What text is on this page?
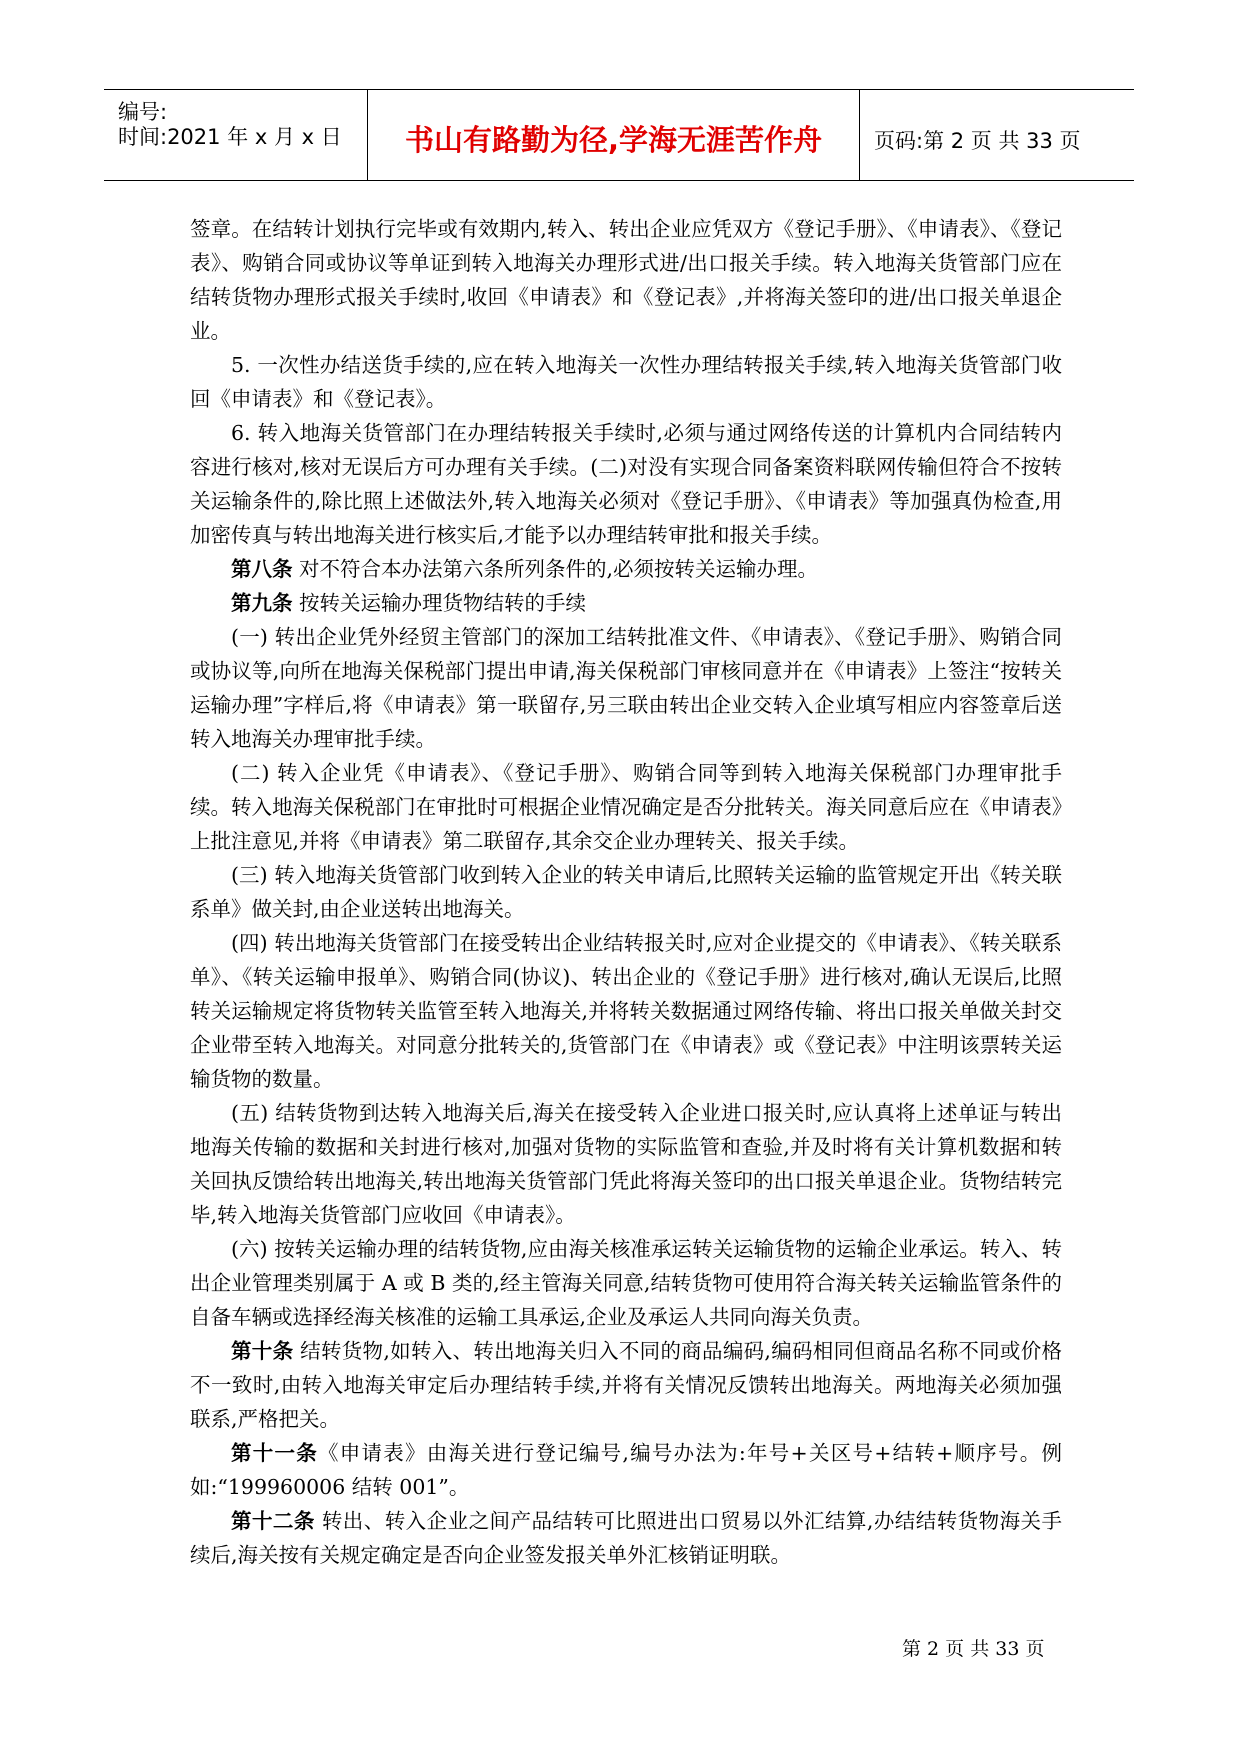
编号:
时间:2021 年 x 月 x 日	书山有路勤为径,学海无涯苦作舟	页码:第 2 页 共 33 页

签章。在结转计划执行完毕或有效期内,转入、转出企业应凭双方《登记手册》、《申请表》、《登记表》、购销合同或协议等单证到转入地海关办理形式进/出口报关手续。转入地海关货管部门应在结转货物办理形式报关手续时,收回《申请表》和《登记表》,并将海关签印的进/出口报关单退企业。

5. 一次性办结送货手续的,应在转入地海关一次性办理结转报关手续,转入地海关货管部门收回《申请表》和《登记表》。

6. 转入地海关货管部门在办理结转报关手续时,必须与通过网络传送的计算机内合同结转内容进行核对,核对无误后方可办理有关手续。(二)对没有实现合同备案资料联网传输但符合不按转关运输条件的,除比照上述做法外,转入地海关必须对《登记手册》、《申请表》等加强真伪检查,用加密传真与转出地海关进行核实后,才能予以办理结转审批和报关手续。

第八条 对不符合本办法第六条所列条件的,必须按转关运输办理。

第九条 按转关运输办理货物结转的手续

(一) 转出企业凭外经贸主管部门的深加工结转批准文件、《申请表》、《登记手册》、购销合同或协议等,向所在地海关保税部门提出申请,海关保税部门审核同意并在《申请表》上签注“按转关运输办理”字样后,将《申请表》第一联留存,另三联由转出企业交转入企业填写相应内容签章后送转入地海关办理审批手续。

(二) 转入企业凭《申请表》、《登记手册》、购销合同等到转入地海关保税部门办理审批手续。转入地海关保税部门在审批时可根据企业情况确定是否分批转关。海关同意后应在《申请表》上批注意见,并将《申请表》第二联留存,其余交企业办理转关、报关手续。

(三) 转入地海关货管部门收到转入企业的转关申请后,比照转关运输的监管规定开出《转关联系单》做关封,由企业送转出地海关。

(四) 转出地海关货管部门在接受转出企业结转报关时,应对企业提交的《申请表》、《转关联系单》、《转关运输申报单》、购销合同(协议)、转出企业的《登记手册》进行核对,确认无误后,比照转关运输规定将货物转关监管至转入地海关,并将转关数据通过网络传输、将出口报关单做关封交企业带至转入地海关。对同意分批转关的,货管部门在《申请表》或《登记表》中注明该票转关运输货物的数量。

(五) 结转货物到达转入地海关后,海关在接受转入企业进口报关时,应认真将上述单证与转出地海关传输的数据和关封进行核对,加强对货物的实际监管和查验,并及时将有关计算机数据和转关回执反馈给转出地海关,转出地海关货管部门凭此将海关签印的出口报关单退企业。货物结转完毕,转入地海关货管部门应收回《申请表》。

(六) 按转关运输办理的结转货物,应由海关核准承运转关运输货物的运输企业承运。转入、转出企业管理类别属于 A 或 B 类的,经主管海关同意,结转货物可使用符合海关转关运输监管条件的自备车辆或选择经海关核准的运输工具承运,企业及承运人共同向海关负责。

第十条 结转货物,如转入、转出地海关归入不同的商品编码,编码相同但商品名称不同或价格不一致时,由转入地海关审定后办理结转手续,并将有关情况反馈转出地海关。两地海关必须加强联系,严格把关。

第十一条《申请表》由海关进行登记编号,编号办法为:年号+关区号+结转+顺序号。例如:“199960006 结转 001”。

第十二条 转出、转入企业之间产品结转可比照进出口贸易以外汇结算,办结结转货物海关手续后,海关按有关规定确定是否向企业签发报关单外汇核销证明联。

第 2 页 共 33 页
